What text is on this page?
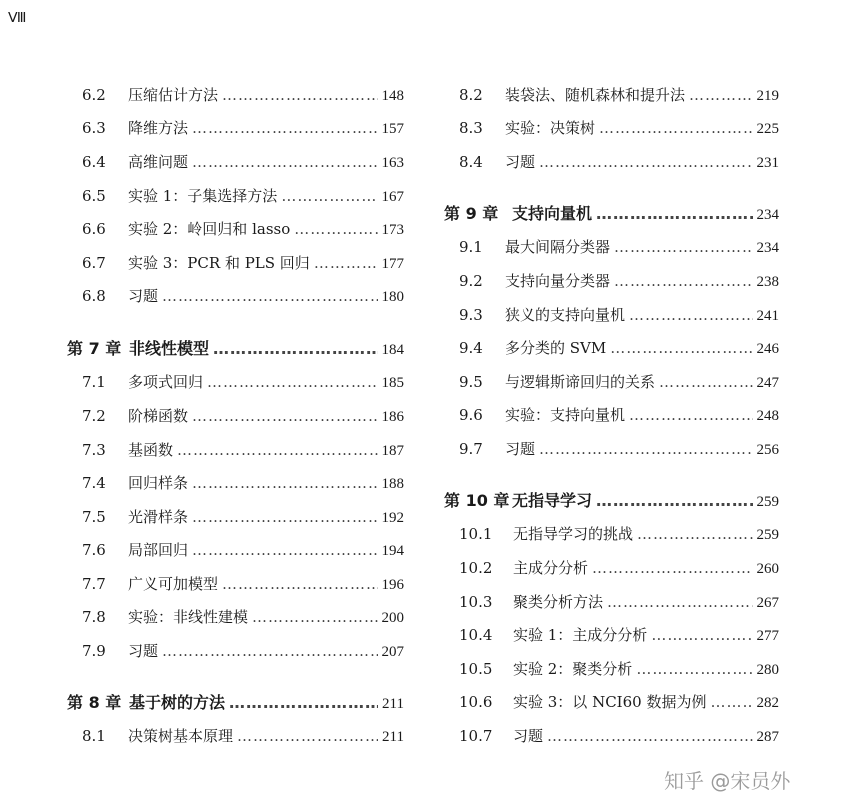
Ⅷ
6.2	压缩估计方法 ……………………………………………………………………………………………………………………	148
6.3	降维方法 ……………………………………………………………………………………………………………………	157
6.4	高维问题 ……………………………………………………………………………………………………………………	163
6.5	实验 1：子集选择方法 ……………………………………………………………………………………………………………………	167
6.6	实验 2：岭回归和 lasso ……………………………………………………………………………………………………………………	173
6.7	实验 3：PCR 和 PLS 回归 ……………………………………………………………………………………………………………………	177
6.8	习题 ……………………………………………………………………………………………………………………	180
第 7 章 非线性模型 ……………………………………………………………………………………………………………………	184
7.1	多项式回归 ……………………………………………………………………………………………………………………	185
7.2	阶梯函数 ……………………………………………………………………………………………………………………	186
7.3	基函数 ……………………………………………………………………………………………………………………	187
7.4	回归样条 ……………………………………………………………………………………………………………………	188
7.5	光滑样条 ……………………………………………………………………………………………………………………	192
7.6	局部回归 ……………………………………………………………………………………………………………………	194
7.7	广义可加模型 ……………………………………………………………………………………………………………………	196
7.8	实验：非线性建模 ……………………………………………………………………………………………………………………	200
7.9	习题 ……………………………………………………………………………………………………………………	207
第 8 章 基于树的方法 ……………………………………………………………………………………………………………………	211
8.1	决策树基本原理 ……………………………………………………………………………………………………………………	211
8.2	装袋法、随机森林和提升法 ……………………………………………………………………………………………………………………	219
8.3	实验：决策树 ……………………………………………………………………………………………………………………	225
8.4	习题 ……………………………………………………………………………………………………………………	231
第 9 章 支持向量机 ……………………………………………………………………………………………………………………	234
9.1	最大间隔分类器 ……………………………………………………………………………………………………………………	234
9.2	支持向量分类器 ……………………………………………………………………………………………………………………	238
9.3	狭义的支持向量机 ……………………………………………………………………………………………………………………	241
9.4	多分类的 SVM ……………………………………………………………………………………………………………………	246
9.5	与逻辑斯谛回归的关系 ……………………………………………………………………………………………………………………	247
9.6	实验：支持向量机 ……………………………………………………………………………………………………………………	248
9.7	习题 ……………………………………………………………………………………………………………………	256
第 10 章 无指导学习 ……………………………………………………………………………………………………………………	259
10.1	无指导学习的挑战 ……………………………………………………………………………………………………………………	259
10.2	主成分分析 ……………………………………………………………………………………………………………………	260
10.3	聚类分析方法 ……………………………………………………………………………………………………………………	267
10.4	实验 1：主成分分析 ……………………………………………………………………………………………………………………	277
10.5	实验 2：聚类分析 ……………………………………………………………………………………………………………………	280
10.6	实验 3：以 NCI60 数据为例 ……………………………………………………………………………………………………………………	282
10.7	习题 ……………………………………………………………………………………………………………………	287
知乎 @宋员外
